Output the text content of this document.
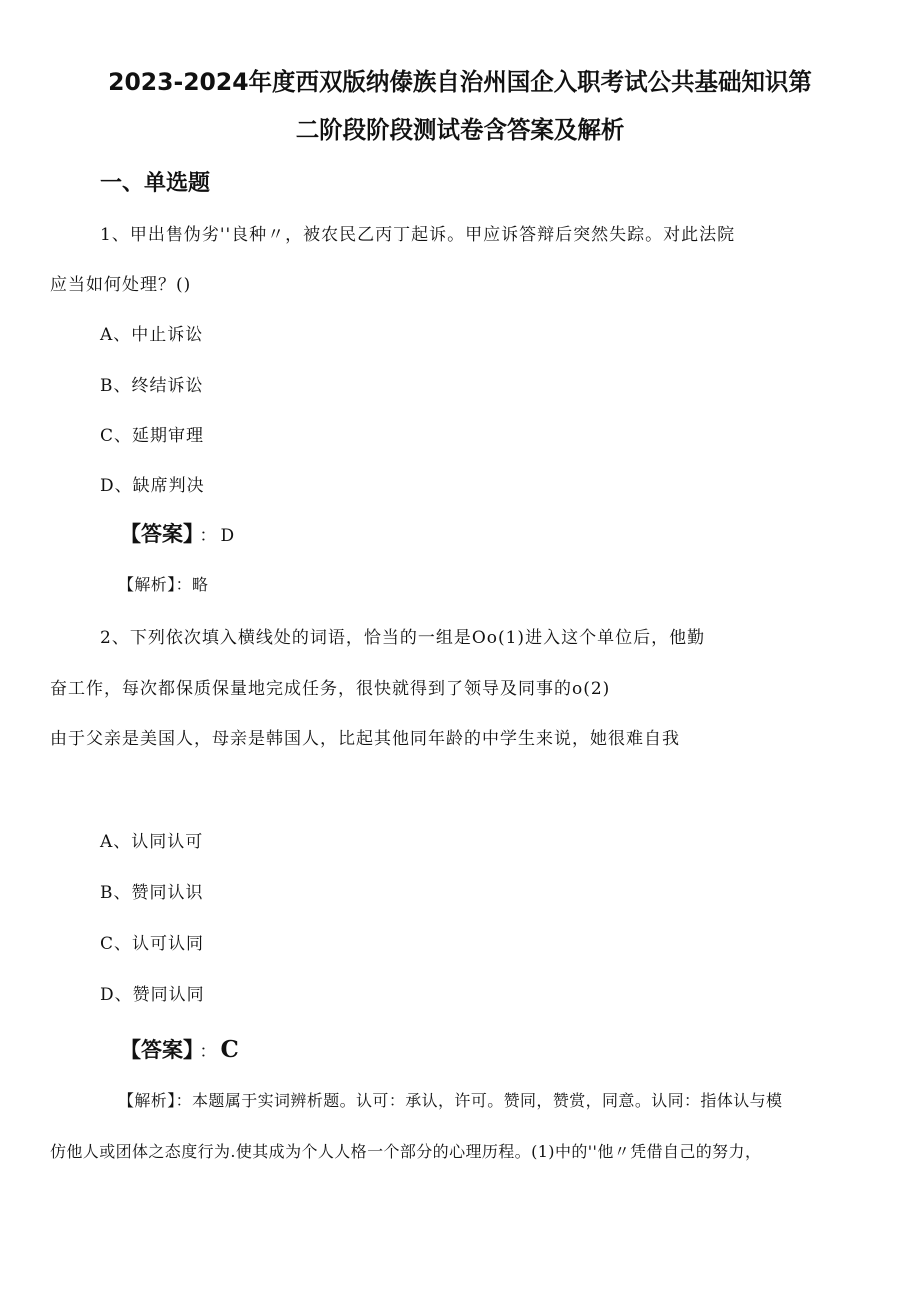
2023-2024年度西双版纳傣族自治州国企入职考试公共基础知识第
二阶段阶段测试卷含答案及解析
一、单选题
1、甲出售伪劣''良种〃，被农民乙丙丁起诉。甲应诉答辩后突然失踪。对此法院
应当如何处理？()
A、中止诉讼
B、终结诉讼
C、延期审理
D、缺席判决
【答案】 ： D
【解析】：略
2、下列依次填入横线处的词语，恰当的一组是Oo(1)进入这个单位后，他勤
奋工作，每次都保质保量地完成任务，很快就得到了领导及同事的o(2)
由于父亲是美国人，母亲是韩国人，比起其他同年龄的中学生来说，她很难自我
A、认同认可
B、赞同认识
C、认可认同
D、赞同认同
【答案】 ： C
【解析】：本题属于实词辨析题。认可：承认，许可。赞同，赞赏，同意。认同：指体认与模
仿他人或团体之态度行为.使其成为个人人格一个部分的心理历程。(1)中的''他〃凭借自己的努力，
